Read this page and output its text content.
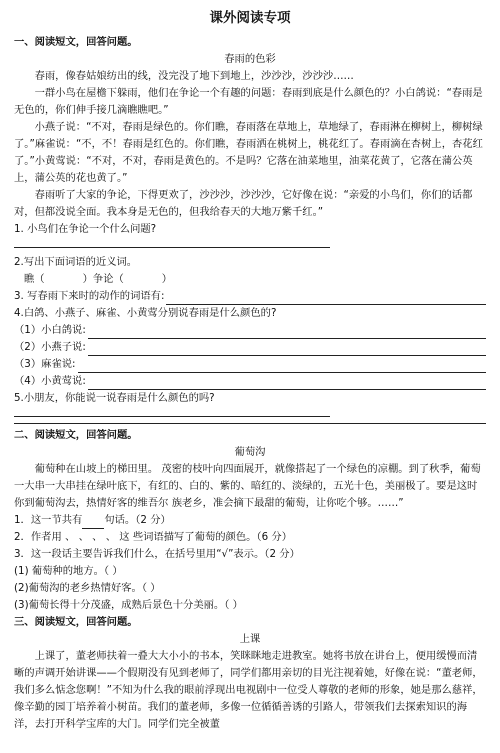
课外阅读专项

一、阅读短文，回答问题。

春雨的色彩

春雨，像春姑娘纺出的线，没完没了地下到地上，沙沙沙，沙沙沙……

一群小鸟在屋檐下躲雨，他们在争论一个有趣的问题：春雨到底是什么颜色的？小白鸽说：“春雨是无色的，你们伸手接几滴瞧瞧吧。”

小燕子说：“不对，春雨是绿色的。你们瞧，春雨落在草地上，草地绿了，春雨淋在柳树上，柳树绿了。”麻雀说：“不，不！春雨是红色的。你们瞧，春雨洒在桃树上，桃花红了。春雨滴在杏树上，杏花红了。”小黄莺说：“不对，不对，春雨是黄色的。不是吗？它落在油菜地里，油菜花黄了，它落在蒲公英上，蒲公英的花也黄了。”

春雨听了大家的争论，下得更欢了，沙沙沙，沙沙沙，它好像在说：“亲爱的小鸟们，你们的话都对，但都没说全面。我本身是无色的，但我给春天的大地万紫千红。”

1. 小鸟们在争论一个什么问题?

2.写出下面词语的近义词。

瞧（	）争论（	）

3. 写春雨下来时的动作的词语有:

4.白鸽、小燕子、麻雀、小黄莺分别说春雨是什么颜色的?

（1）小白鸽说:
（2）小燕子说:
（3）麻雀说:
（4）小黄莺说:

5.小朋友，你能说一说春雨是什么颜色的吗?

二、阅读短文，回答问题。

葡萄沟

葡萄种在山坡上的梯田里。 茂密的枝叶向四面展开，就像搭起了一个绿色的凉棚。到了秋季，葡萄一大串一大串挂在绿叶底下，有红的、白的、紫的、暗红的、淡绿的，五光十色，美丽极了。要是这时你到葡萄沟去，热情好客的维吾尔 族老乡，准会摘下最甜的葡萄，让你吃个够。……”

1．这一节共有 句话。（2 分）

2．作者用 、 、 、 、 这 些词语描写了葡萄的颜色。（6 分）

3．这一段话主要告诉我们什么，在括号里用“√”表示。（2 分）

(1) 葡萄种的地方。（ ）

(2)葡萄沟的老乡热情好客。（ ）

(3)葡萄长得十分茂盛，成熟后景色十分美丽。（ ）

三、阅读短文，回答问题。

上课

上课了，董老师扶着一叠大大小小的书本，笑眯眯地走进教室。她将书放在讲台上，便用缓慢而清晰的声调开始讲课——个假期没有见到老师了，同学们都用亲切的目光注视着她，好像在说：“董老师，我们多么惦念您啊！”不知为什么我的眼前浮现出电视剧中一位受人尊敬的老师的形象，她是那么慈祥，像辛勤的园丁培养着小树苗。我们的董老师，多像一位循循善诱的引路人，带领我们去探索知识的海洋，去打开科学宝库的大门。同学们完全被董
